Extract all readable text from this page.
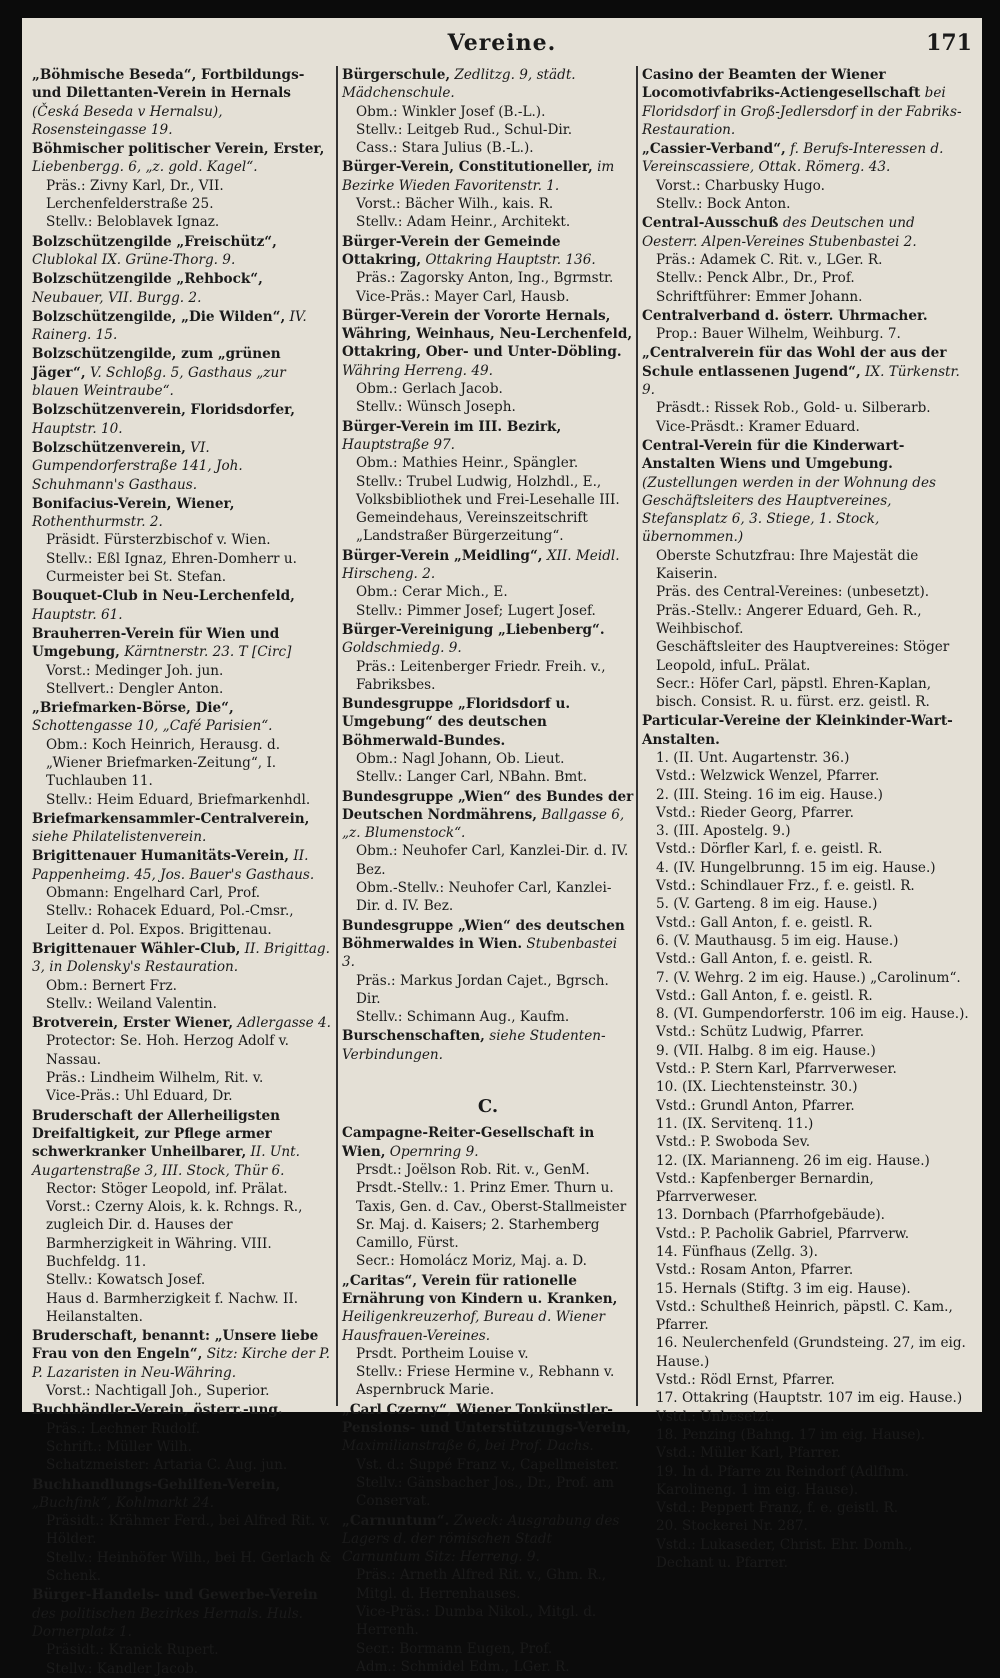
Vereine.	171
„Böhmische Beseda“, Fortbildungs- und Dilettanten-Verein in Hernals (Česká Beseda v Hernalsu), Rosensteingasse 19.
Böhmischer politischer Verein, Erster, Liebenbergg. 6, „z. gold. Kagel“.
Präs.: Zivny Karl, Dr., VII. Lerchenfelderstraße 25.
Stellv.: Beloblavek Ignaz.
Bolzschützengilde „Freischütz“, Clublokal IX. Grüne-Thorg. 9.
Bolzschützengilde „Rehbock“, Neubauer, VII. Burgg. 2.
Bolzschützengilde, „Die Wilden“, IV. Rainerg. 15.
Bolzschützengilde, zum „grünen Jäger“, V. Schloßg. 5, Gasthaus „zur blauen Weintraube“.
Bolzschützenverein, Floridsdorfer, Hauptstr. 10.
Bolzschützenverein, VI. Gumpendorferstraße 141, Joh. Schuhmann's Gasthaus.
Bonifacius-Verein, Wiener, Rothenthurmstr. 2.
Präsidt. Fürsterzbischof v. Wien.
Stellv.: Eßl Ignaz, Ehren-Domherr u. Curmeister bei St. Stefan.
Bouquet-Club in Neu-Lerchenfeld, Hauptstr. 61.
Brauherren-Verein für Wien und Umgebung, Kärntnerstr. 23. T [Circ]
Vorst.: Medinger Joh. jun.
Stellvert.: Dengler Anton.
„Briefmarken-Börse, Die“, Schottengasse 10, „Café Parisien“.
Obm.: Koch Heinrich, Herausg. d. „Wiener Briefmarken-Zeitung“, I. Tuchlauben 11.
Stellv.: Heim Eduard, Briefmarkenhdl.
Briefmarkensammler-Centralverein, siehe Philatelistenverein.
Brigittenauer Humanitäts-Verein, II. Pappenheimg. 45, Jos. Bauer's Gasthaus.
Obmann: Engelhard Carl, Prof.
Stellv.: Rohacek Eduard, Pol.-Cmsr., Leiter d. Pol. Expos. Brigittenau.
Brigittenauer Wähler-Club, II. Brigittag. 3, in Dolensky's Restauration.
Obm.: Bernert Frz.
Stellv.: Weiland Valentin.
Brotverein, Erster Wiener, Adlergasse 4.
Protector: Se. Hoh. Herzog Adolf v. Nassau.
Präs.: Lindheim Wilhelm, Rit. v.
Vice-Präs.: Uhl Eduard, Dr.
Bruderschaft der Allerheiligsten Dreifaltigkeit, zur Pflege armer schwerkranker Unheilbarer, II. Unt. Augartenstraße 3, III. Stock, Thür 6.
Rector: Stöger Leopold, inf. Prälat.
Vorst.: Czerny Alois, k. k. Rchngs. R., zugleich Dir. d. Hauses der Barmherzigkeit in Währing. VIII. Buchfeldg. 11.
Stellv.: Kowatsch Josef.
Haus d. Barmherzigkeit f. Nachw. II. Heilanstalten.
Bruderschaft, benannt: „Unsere liebe Frau von den Engeln“, Sitz: Kirche der P. P. Lazaristen in Neu-Währing.
Vorst.: Nachtigall Joh., Superior.
Buchhändler-Verein, österr.-ung.
Präs.: Lechner Rudolf.
Schrift.: Müller Wilh.
Schatzmeister: Artaria C. Aug. jun.
Buchhandlungs-Gehilfen-Verein, „Buchfink“, Kohlmarkt 24.
Präsidt.: Krähmer Ferd., bei Alfred Rit. v. Hölder.
Stellv.: Heinhöfer Wilh., bei H. Gerlach & Schenk.
Bürger-Handels- und Gewerbe-Verein des politischen Bezirkes Hernals. Huls. Dornerplatz 1.
Präsidt.: Kranick Rupert.
Stellv.: Kandler Jacob.
Bürgerschule, Zedlitzg. 9, städt. Mädchenschule.
Obm.: Winkler Josef (B.-L.).
Stellv.: Leitgeb Rud., Schul-Dir.
Cass.: Stara Julius (B.-L.).
Bürger-Verein, Constitutioneller, im Bezirke Wieden Favoritenstr. 1.
Vorst.: Bächer Wilh., kais. R.
Stellv.: Adam Heinr., Architekt.
Bürger-Verein der Gemeinde Ottakring, Ottakring Hauptstr. 136.
Präs.: Zagorsky Anton, Ing., Bgrmstr.
Vice-Präs.: Mayer Carl, Hausb.
Bürger-Verein der Vororte Hernals, Währing, Weinhaus, Neu-Lerchenfeld, Ottakring, Ober- und Unter-Döbling. Währing Herreng. 49.
Obm.: Gerlach Jacob.
Stellv.: Wünsch Joseph.
Bürger-Verein im III. Bezirk, Hauptstraße 97.
Obm.: Mathies Heinr., Spängler.
Stellv.: Trubel Ludwig, Holzhdl., E., Volksbibliothek und Frei-Lesehalle III. Gemeindehaus, Vereinszeitschrift „Landstraßer Bürgerzeitung“.
Bürger-Verein „Meidling“, XII. Meidl. Hirscheng. 2.
Obm.: Cerar Mich., E.
Stellv.: Pimmer Josef; Lugert Josef.
Bürger-Vereinigung „Liebenberg“. Goldschmiedg. 9.
Präs.: Leitenberger Friedr. Freih. v., Fabriksbes.
Bundesgruppe „Floridsdorf u. Umgebung“ des deutschen Böhmerwald-Bundes.
Obm.: Nagl Johann, Ob. Lieut.
Stellv.: Langer Carl, NBahn. Bmt.
Bundesgruppe „Wien“ des Bundes der Deutschen Nordmährens, Ballgasse 6, „z. Blumenstock“.
Obm.: Neuhofer Carl, Kanzlei-Dir. d. IV. Bez.
Obm.-Stellv.: Neuhofer Carl, Kanzlei-Dir. d. IV. Bez.
Bundesgruppe „Wien“ des deutschen Böhmerwaldes in Wien. Stubenbastei 3.
Präs.: Markus Jordan Cajet., Bgrsch. Dir.
Stellv.: Schimann Aug., Kaufm.
Burschenschaften, siehe Studenten-Verbindungen.
C.
Campagne-Reiter-Gesellschaft in Wien, Opernring 9.
Prsdt.: Joëlson Rob. Rit. v., GenM.
Prsdt.-Stellv.: 1. Prinz Emer. Thurn u. Taxis, Gen. d. Cav., Oberst-Stallmeister Sr. Maj. d. Kaisers; 2. Starhemberg Camillo, Fürst.
Secr.: Homolácz Moriz, Maj. a. D.
„Caritas“, Verein für rationelle Ernährung von Kindern u. Kranken, Heiligenkreuzerhof, Bureau d. Wiener Hausfrauen-Vereines.
Prsdt. Portheim Louise v.
Stellv.: Friese Hermine v., Rebhann v. Aspernbruck Marie.
„Carl Czerny“, Wiener Tonkünstler-Pensions- und Unterstützungs-Verein, Maximilianstraße 6, bei Prof. Dachs.
Vst. d.: Suppé Franz v., Capellmeister.
Stellv.: Gänsbacher Jos., Dr., Prof. am Conservat.
„Carnuntum“. Zweck: Ausgrabung des Lagers d. der römischen Stadt Carnuntum Sitz: Herreng. 9.
Präs.: Arneth Alfred Rit. v., Ghm. R., Mitgl. d. Herrenhauses.
Vice-Präs.: Dumba Nikol., Mitgl. d. Herrenh.
Secr.: Bormann Eugen, Prof.
Adm.: Schmidel Edm., LGer. R.
Casino der Beamten der Wiener Locomotivfabriks-Actiengesellschaft bei Floridsdorf in Groß-Jedlersdorf in der Fabriks-Restauration.
„Cassier-Verband“, f. Berufs-Interessen d. Vereinscassiere, Ottak. Römerg. 43.
Vorst.: Charbusky Hugo.
Stellv.: Bock Anton.
Central-Ausschuß des Deutschen und Oesterr. Alpen-Vereines Stubenbastei 2.
Präs.: Adamek C. Rit. v., LGer. R.
Stellv.: Penck Albr., Dr., Prof.
Schriftführer: Emmer Johann.
Centralverband d. österr. Uhrmacher.
Prop.: Bauer Wilhelm, Weihburg. 7.
„Centralverein für das Wohl der aus der Schule entlassenen Jugend“, IX. Türkenstr. 9.
Präsdt.: Rissek Rob., Gold- u. Silberarb.
Vice-Präsdt.: Kramer Eduard.
Central-Verein für die Kinderwart-Anstalten Wiens und Umgebung. (Zustellungen werden in der Wohnung des Geschäftsleiters des Hauptvereines, Stefansplatz 6, 3. Stiege, 1. Stock, übernommen.)
Oberste Schutzfrau: Ihre Majestät die Kaiserin.
Präs. des Central-Vereines: (unbesetzt).
Präs.-Stellv.: Angerer Eduard, Geh. R., Weihbischof.
Geschäftsleiter des Hauptvereines: Stöger Leopold, infuL. Prälat.
Secr.: Höfer Carl, päpstl. Ehren-Kaplan, bisch. Consist. R. u. fürst. erz. geistl. R.
Particular-Vereine der Kleinkinder-Wart-Anstalten.
1. (II. Unt. Augartenstr. 36.)
Vstd.: Welzwick Wenzel, Pfarrer.
2. (III. Steing. 16 im eig. Hause.)
Vstd.: Rieder Georg, Pfarrer.
3. (III. Apostelg. 9.)
Vstd.: Dörfler Karl, f. e. geistl. R.
4. (IV. Hungelbrunng. 15 im eig. Hause.)
Vstd.: Schindlauer Frz., f. e. geistl. R.
5. (V. Garteng. 8 im eig. Hause.)
Vstd.: Gall Anton, f. e. geistl. R.
6. (V. Mauthausg. 5 im eig. Hause.)
Vstd.: Gall Anton, f. e. geistl. R.
7. (V. Wehrg. 2 im eig. Hause.) „Carolinum“.
Vstd.: Gall Anton, f. e. geistl. R.
8. (VI. Gumpendorferstr. 106 im eig. Hause.).
Vstd.: Schütz Ludwig, Pfarrer.
9. (VII. Halbg. 8 im eig. Hause.)
Vstd.: P. Stern Karl, Pfarrverweser.
10. (IX. Liechtensteinstr. 30.)
Vstd.: Grundl Anton, Pfarrer.
11. (IX. Servitenq. 11.)
Vstd.: P. Swoboda Sev.
12. (IX. Marianneng. 26 im eig. Hause.)
Vstd.: Kapfenberger Bernardin, Pfarrverweser.
13. Dornbach (Pfarrhofgebäude).
Vstd.: P. Pacholik Gabriel, Pfarrverw.
14. Fünfhaus (Zellg. 3).
Vstd.: Rosam Anton, Pfarrer.
15. Hernals (Stiftg. 3 im eig. Hause).
Vstd.: Schultheß Heinrich, päpstl. C. Kam., Pfarrer.
16. Neulerchenfeld (Grundsteing. 27, im eig. Hause.)
Vstd.: Rödl Ernst, Pfarrer.
17. Ottakring (Hauptstr. 107 im eig. Hause.)
Vstd.: Unbesetzt.
18. Penzing (Bahng. 17 im eig. Hause).
Vstd.: Müller Karl, Pfarrer.
19. In d. Pfarre zu Reindorf (Adlfhm. Karolineng. 1 im eig. Hause).
Vstd.: Peppert Franz, f. e. geistl. R.
20. Stockerei Nr. 287.
Vstd.: Lukaseder, Christ. Ehr. Domh., Dechant u. Pfarrer.
